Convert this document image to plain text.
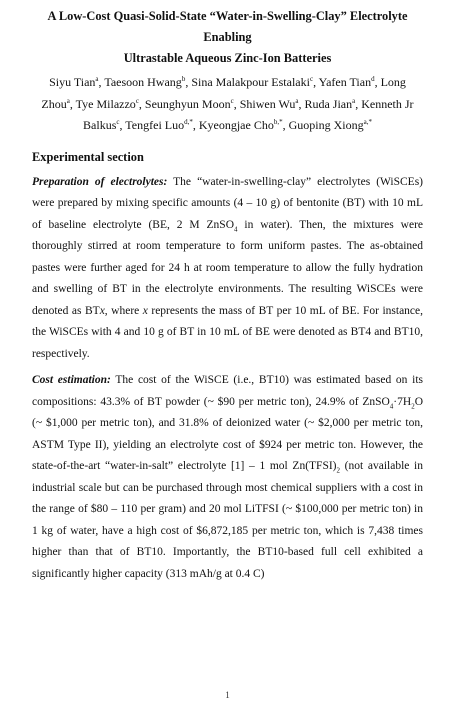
A Low-Cost Quasi-Solid-State “Water-in-Swelling-Clay” Electrolyte Enabling
Ultrastable Aqueous Zinc-Ion Batteries
Siyu Tian$^a$, Taesoon Hwang$^b$, Sina Malakpour Estalaki$^c$, Yafen Tian$^d$, Long Zhou$^a$, Tye Milazzo$^c$, Seunghyun Moon$^c$, Shiwen Wu$^a$, Ruda Jian$^a$, Kenneth Jr Balkus$^c$, Tengfei Luo$^{d,*}$, Kyeongjae Cho$^{b,*}$, Guoping Xiong$^{a,*}$
Experimental section

Preparation of electrolytes: The “water-in-swelling-clay” electrolytes (WiSCEs) were prepared by mixing specific amounts (4 – 10 g) of bentonite (BT) with 10 mL of baseline electrolyte (BE, 2 M ZnSO$_4$ in water). Then, the mixtures were thoroughly stirred at room temperature to form uniform pastes. The as-obtained pastes were further aged for 24 h at room temperature to allow the fully hydration and swelling of BT in the electrolyte environments. The resulting WiSCEs were denoted as BTx, where x represents the mass of BT per 10 mL of BE. For instance, the WiSCEs with 4 and 10 g of BT in 10 mL of BE were denoted as BT4 and BT10, respectively.

Cost estimation: The cost of the WiSCE (i.e., BT10) was estimated based on its compositions: 43.3% of BT powder (~ $90 per metric ton), 24.9% of $ZnSO_4\cdot 7H_2O$ (~ $1,000 per metric ton), and 31.8% of deionized water (~ $2,000 per metric ton, ASTM Type II), yielding an electrolyte cost of $924 per metric ton. However, the state-of-the-art “water-in-salt” electrolyte [1] – 1 mol $Zn(TFSI)_2$ (not available in industrial scale but can be purchased through most chemical suppliers with a cost in the range of $80 – 110 per gram) and 20 mol LiTFSI (~ $100,000 per metric ton) in 1 kg of water, have a high cost of $6,872,185 per metric ton, which is 7,438 times higher than that of BT10. Importantly, the BT10-based full cell exhibited a significantly higher capacity (313 mAh/g at 0.4 C)

1
